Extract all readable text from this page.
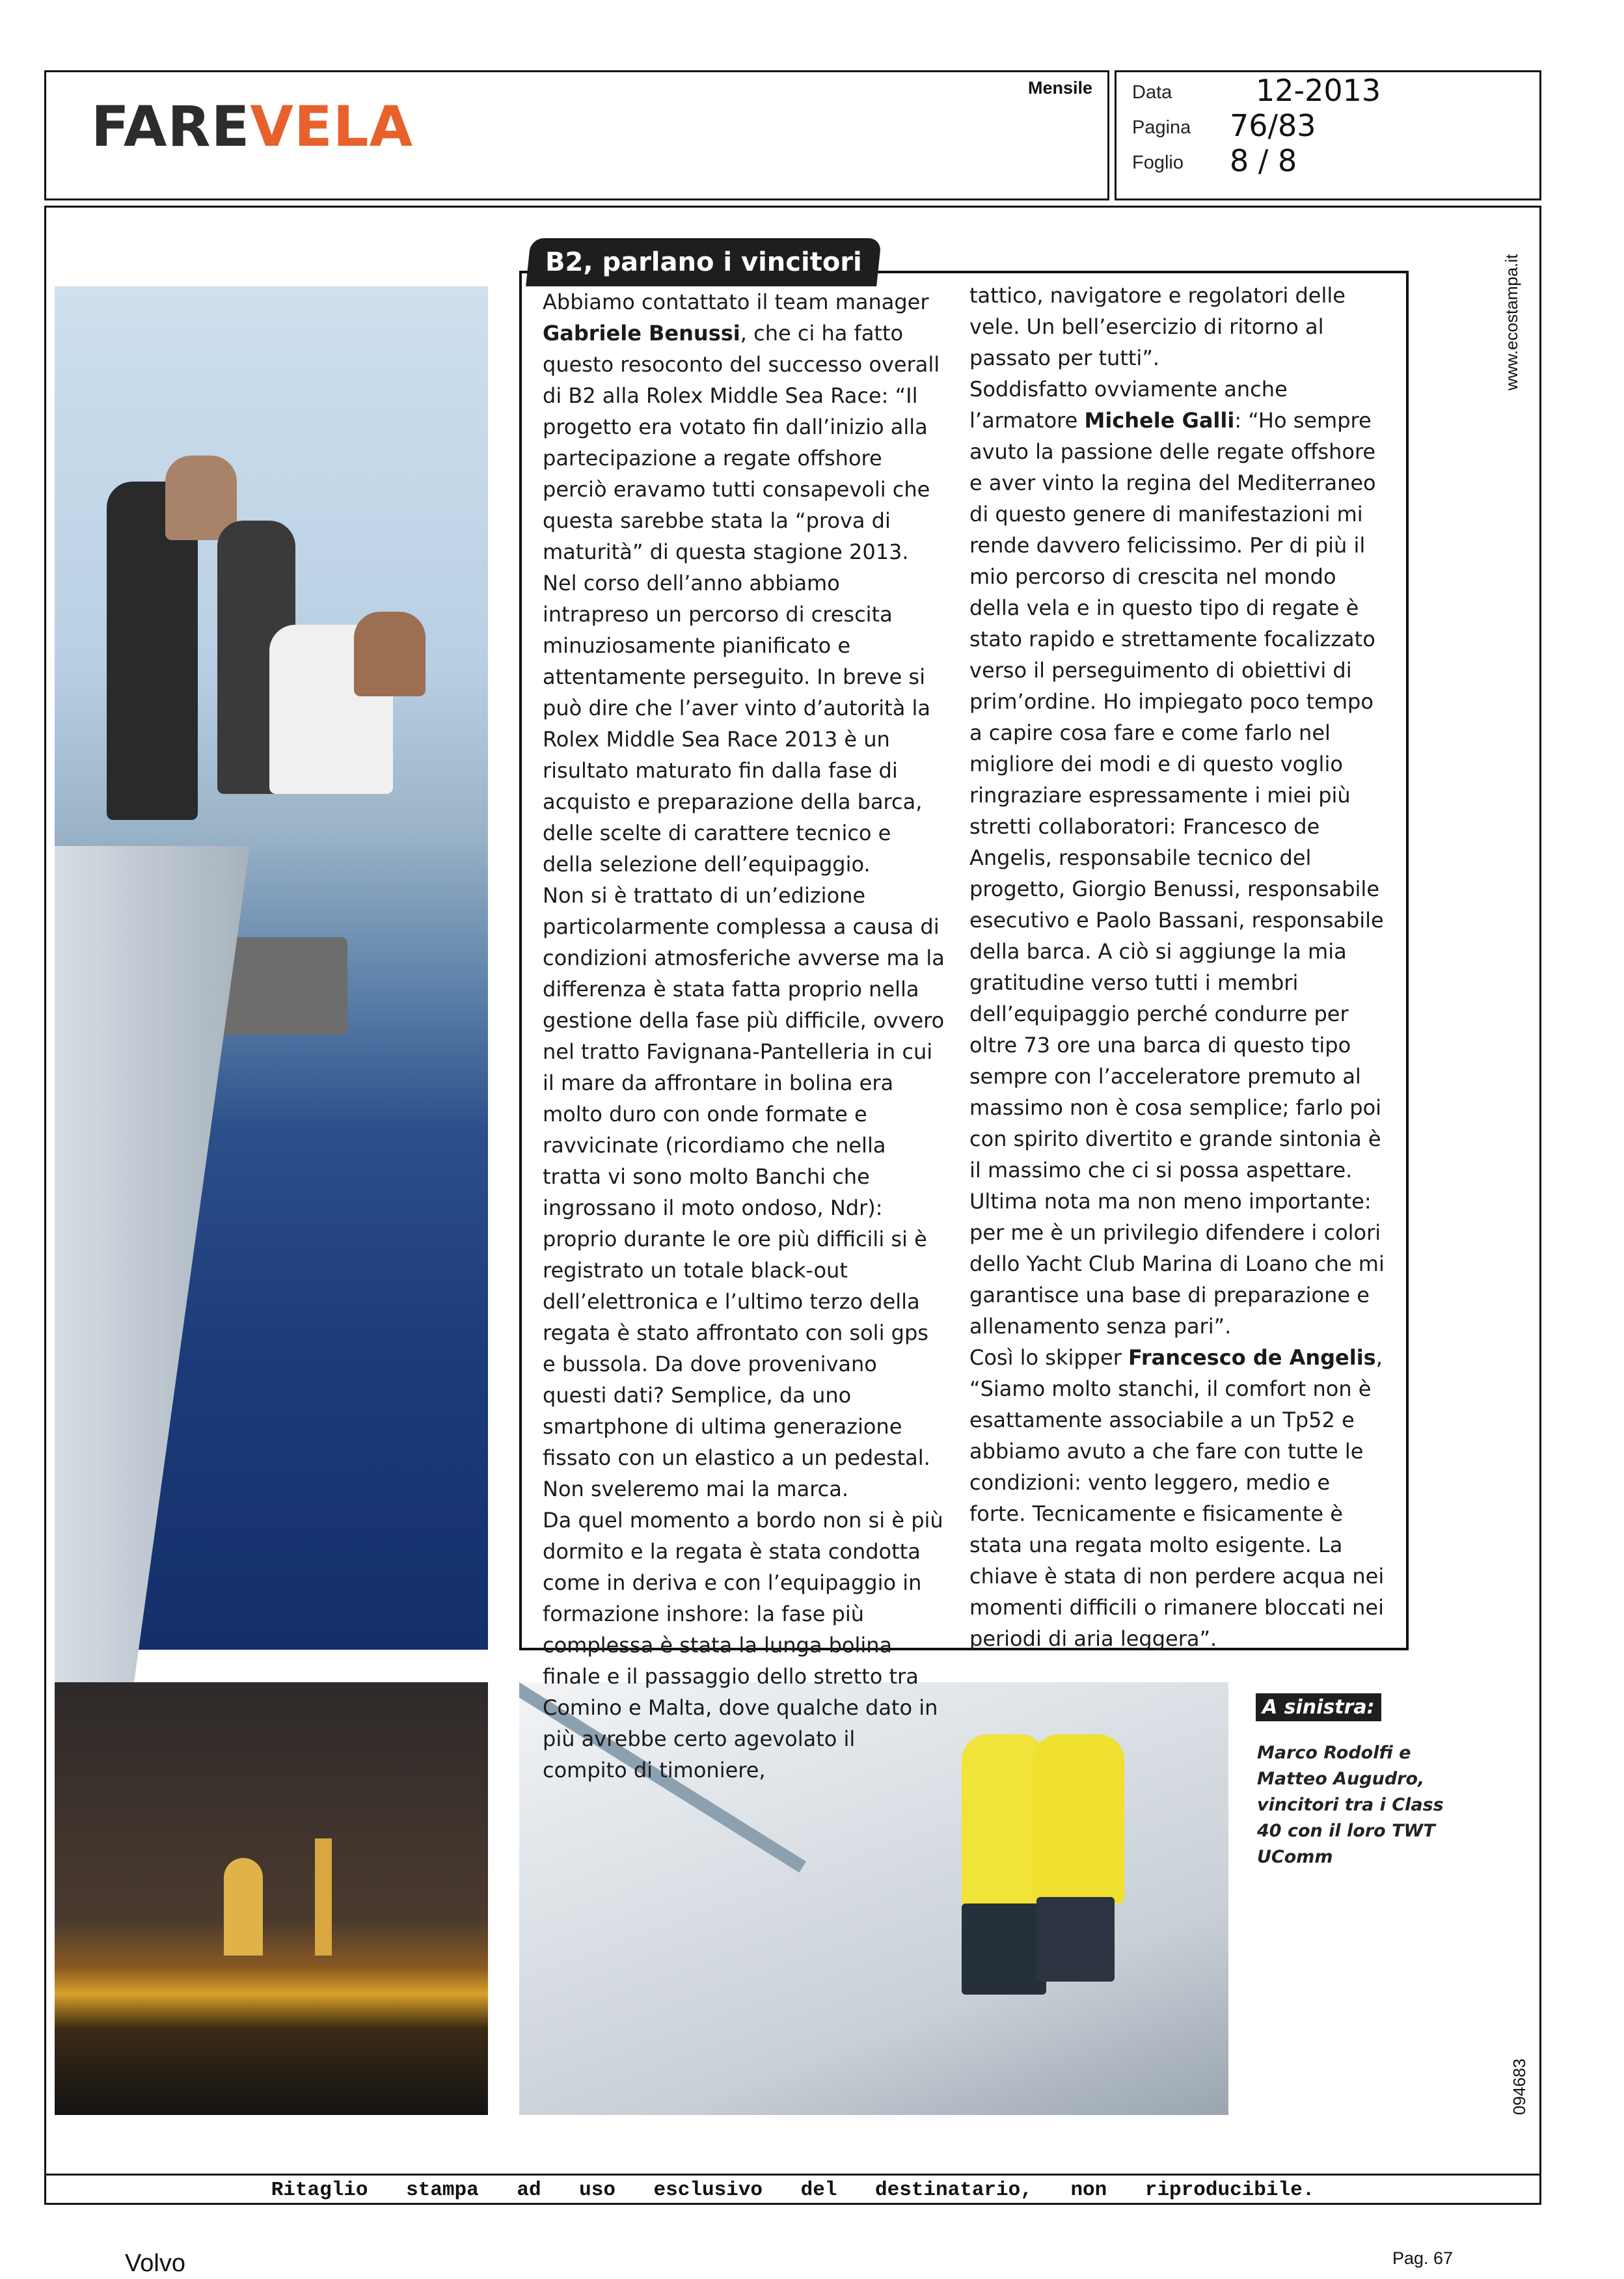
FAREVELA
Mensile Data	12-2013
Pagina 76/83
Foglio 8 / 8
www.ecostampa.it
094683
A sinistra:
Marco Rodolfi e Matteo Augudro, vincitori tra i Class 40 con il loro TWT UComm
B2, parlano i vincitori

Abbiamo contattato il team manager Gabriele Benussi, che ci ha fatto questo resoconto del successo overall di B2 alla Rolex Middle Sea Race: “Il progetto era votato fin dall’inizio alla partecipazione a regate offshore perciò eravamo tutti consapevoli che questa sarebbe stata la “prova di maturità” di questa stagione 2013. Nel corso dell’anno abbiamo intrapreso un percorso di crescita minuziosamente pianificato e attentamente perseguito. In breve si può dire che l’aver vinto d’autorità la Rolex Middle Sea Race 2013 è un risultato maturato fin dalla fase di acquisto e preparazione della barca, delle scelte di carattere tecnico e della selezione dell’equipaggio.

Non si è trattato di un’edizione particolarmente complessa a causa di condizioni atmosferiche avverse ma la differenza è stata fatta proprio nella gestione della fase più difficile, ovvero nel tratto Favignana-Pantelleria in cui il mare da affrontare in bolina era molto duro con onde formate e ravvicinate (ricordiamo che nella tratta vi sono molto Banchi che ingrossano il moto ondoso, Ndr): proprio durante le ore più difficili si è registrato un totale black-out dell’elettronica e l’ultimo terzo della regata è stato affrontato con soli gps e bussola. Da dove provenivano questi dati? Semplice, da uno smartphone di ultima generazione fissato con un elastico a un pedestal. Non sveleremo mai la marca.

Da quel momento a bordo non si è più dormito e la regata è stata condotta come in deriva e con l’equipaggio in formazione inshore: la fase più complessa è stata la lunga bolina finale e il passaggio dello stretto tra Comino e Malta, dove qualche dato in più avrebbe certo agevolato il compito di timoniere,

tattico, navigatore e regolatori delle vele. Un bell’esercizio di ritorno al passato per tutti”.

Soddisfatto ovviamente anche l’armatore Michele Galli: “Ho sempre avuto la passione delle regate offshore e aver vinto la regina del Mediterraneo di questo genere di manifestazioni mi rende davvero felicissimo. Per di più il mio percorso di crescita nel mondo della vela e in questo tipo di regate è stato rapido e strettamente focalizzato verso il perseguimento di obiettivi di prim’ordine. Ho impiegato poco tempo a capire cosa fare e come farlo nel migliore dei modi e di questo voglio ringraziare espressamente i miei più stretti collaboratori: Francesco de Angelis, responsabile tecnico del progetto, Giorgio Benussi, responsabile esecutivo e Paolo Bassani, responsabile della barca. A ciò si aggiunge la mia gratitudine verso tutti i membri dell’equipaggio perché condurre per oltre 73 ore una barca di questo tipo sempre con l’acceleratore premuto al massimo non è cosa semplice; farlo poi con spirito divertito e grande sintonia è il massimo che ci si possa aspettare. Ultima nota ma non meno importante: per me è un privilegio difendere i colori dello Yacht Club Marina di Loano che mi garantisce una base di preparazione e allenamento senza pari”.

Così lo skipper Francesco de Angelis, “Siamo molto stanchi, il comfort non è esattamente associabile a un Tp52 e abbiamo avuto a che fare con tutte le condizioni: vento leggero, medio e forte. Tecnicamente e fisicamente è stata una regata molto esigente. La chiave è stata di non perdere acqua nei momenti difficili o rimanere bloccati nei periodi di aria leggera”.

Ritaglio stampa ad uso esclusivo del destinatario, non riproducibile.
Volvo	Pag. 67
